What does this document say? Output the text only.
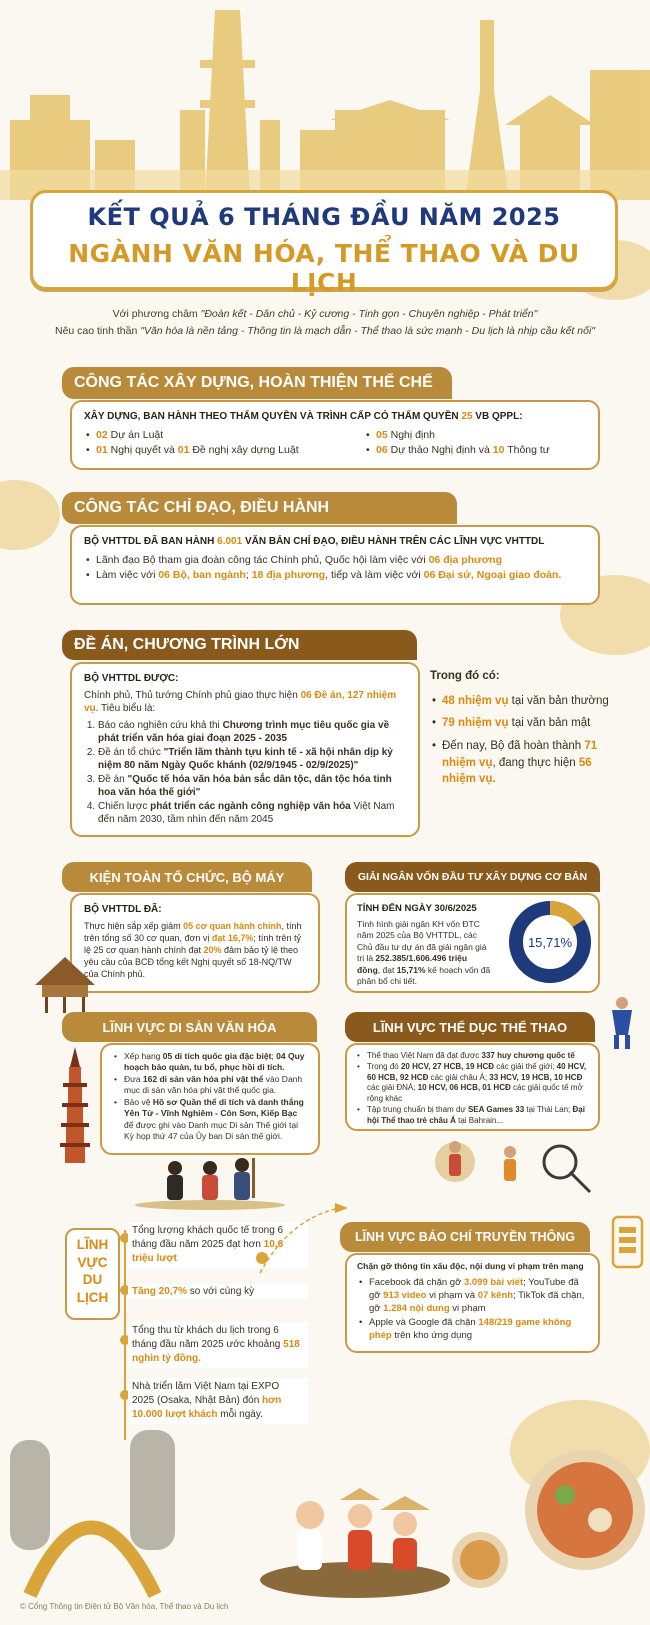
KẾT QUẢ 6 THÁNG ĐẦU NĂM 2025
NGÀNH VĂN HÓA, THỂ THAO VÀ DU LỊCH
Với phương châm "Đoàn kết - Dân chủ - Kỷ cương - Tinh gọn - Chuyên nghiệp - Phát triển"
Nêu cao tinh thần "Văn hóa là nền tảng - Thông tin là mạch dẫn - Thể thao là sức mạnh - Du lịch là nhịp cầu kết nối"
CÔNG TÁC XÂY DỰNG, HOÀN THIỆN THỂ CHẾ
XÂY DỰNG, BAN HÀNH THEO THẨM QUYỀN VÀ TRÌNH CẤP CÓ THẨM QUYỀN 25 VB QPPL:
• 02 Dự án Luật
• 01 Nghị quyết và 01 Đề nghị xây dựng Luật
• 05 Nghị định
• 06 Dự thảo Nghị định và 10 Thông tư
CÔNG TÁC CHỈ ĐẠO, ĐIỀU HÀNH
BỘ VHTTDL ĐÃ BAN HÀNH 6.001 VĂN BẢN CHỈ ĐẠO, ĐIỀU HÀNH TRÊN CÁC LĨNH VỰC VHTTDL
• Lãnh đạo Bộ tham gia đoàn công tác Chính phủ, Quốc hội làm việc với 06 địa phương
• Làm việc với 06 Bộ, ban ngành; 18 địa phương, tiếp và làm việc với 06 Đại sứ, Ngoại giao đoàn.
ĐỀ ÁN, CHƯƠNG TRÌNH LỚN
BỘ VHTTDL ĐƯỢC:
Chính phủ, Thủ tướng Chính phủ giao thực hiện 06 Đề án, 127 nhiệm vụ. Tiêu biểu là:
1. Báo cáo nghiên cứu khả thi Chương trình mục tiêu quốc gia về phát triển văn hóa giai đoạn 2025 - 2035
2. Đề án tổ chức "Triển lãm thành tựu kinh tế - xã hội nhân dịp kỷ niệm 80 năm Ngày Quốc khánh (02/9/1945 - 02/9/2025)"
3. Đề án "Quốc tế hóa văn hóa bản sắc dân tộc, dân tộc hóa tinh hoa văn hóa thế giới"
4. Chiến lược phát triển các ngành công nghiệp văn hóa Việt Nam đến năm 2030, tầm nhìn đến năm 2045
Trong đó có:
• 48 nhiệm vụ tại văn bản thường
• 79 nhiệm vụ tại văn bản mật
• Đến nay, Bộ đã hoàn thành 71 nhiệm vụ, đang thực hiện 56 nhiệm vụ.
KIỆN TOÀN TỔ CHỨC, BỘ MÁY
BỘ VHTTDL ĐÃ:
Thực hiện sắp xếp giảm 05 cơ quan hành chính, tính trên tổng số 30 cơ quan, đơn vị đạt 16,7%; tính trên tỷ lệ 25 cơ quan hành chính đạt 20% đảm bảo tỷ lệ theo yêu cầu của BCĐ tổng kết Nghị quyết số 18-NQ/TW của Chính phủ.
GIẢI NGÂN VỐN ĐẦU TƯ XÂY DỰNG CƠ BẢN
TÍNH ĐẾN NGÀY 30/6/2025
Tình hình giải ngân KH vốn ĐTC năm 2025 của Bộ VHTTDL, các Chủ đầu tư dự án đã giải ngân giá trị là 252.385/1.606.496 triệu đồng, đạt 15,71% kế hoạch vốn đã phân bổ chi tiết.
15,71%
LĨNH VỰC DI SẢN VĂN HÓA
• Xếp hạng 05 di tích quốc gia đặc biệt; 04 Quy hoạch bảo quản, tu bổ, phục hồi di tích.
• Đưa 162 di sản văn hóa phi vật thể vào Danh mục di sản văn hóa phi vật thể quốc gia.
• Bảo vệ Hồ sơ Quần thể di tích và danh thắng Yên Tử - Vĩnh Nghiêm - Côn Sơn, Kiếp Bạc để được ghi vào Danh mục Di sản Thế giới tại Kỳ họp thứ 47 của Ủy ban Di sản thế giới.
LĨNH VỰC THỂ DỤC THỂ THAO
• Thể thao Việt Nam đã đạt được 337 huy chương quốc tế
• Trong đó 20 HCV, 27 HCB, 19 HCĐ các giải thế giới; 40 HCV, 60 HCB, 92 HCĐ các giải châu Á; 33 HCV, 19 HCB, 10 HCĐ các giải ĐNÁ; 10 HCV, 06 HCB, 01 HCĐ các giải quốc tế mở rộng khác
• Tập trung chuẩn bị tham dự SEA Games 33 tại Thái Lan; Đại hội Thể thao trẻ châu Á tại Bahrain...
LĨNH
VỰC
DU
LỊCH
Tổng lượng khách quốc tế trong 6 tháng đầu năm 2025 đạt hơn 10,6 triệu lượt
Tăng 20,7% so với cùng kỳ
Tổng thu từ khách du lịch trong 6 tháng đầu năm 2025 ước khoảng 518 nghìn tỷ đồng.
Nhà triển lãm Việt Nam tại EXPO 2025 (Osaka, Nhật Bản) đón hơn 10.000 lượt khách mỗi ngày.
LĨNH VỰC BÁO CHÍ TRUYỀN THÔNG
Chặn gỡ thông tin xấu độc, nội dung vi phạm trên mạng
• Facebook đã chặn gỡ 3.099 bài viết; YouTube đã gỡ 913 video vi phạm và 07 kênh; TikTok đã chặn, gỡ 1.284 nội dung vi phạm
• Apple và Google đã chặn 148/219 game không phép trên kho ứng dụng
© Cổng Thông tin Điện tử Bộ Văn hóa, Thể thao và Du lịch
